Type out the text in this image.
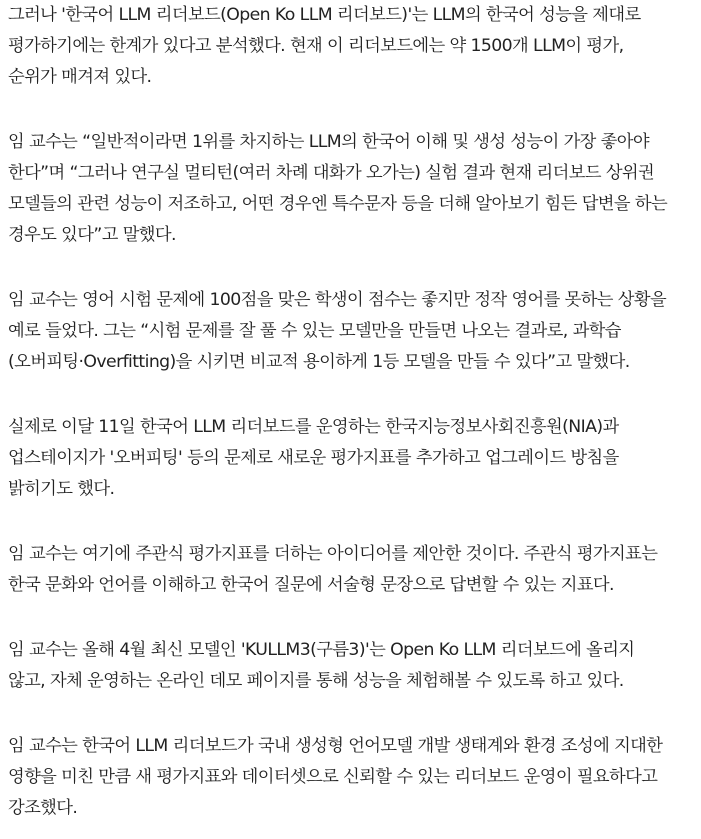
그러나 '한국어 LLM 리더보드(Open Ko LLM 리더보드)'는 LLM의 한국어 성능을 제대로
평가하기에는 한계가 있다고 분석했다. 현재 이 리더보드에는 약 1500개 LLM이 평가,
순위가 매겨져 있다.

임 교수는 “일반적이라면 1위를 차지하는 LLM의 한국어 이해 및 생성 성능이 가장 좋아야
한다”며 “그러나 연구실 멀티턴(여러 차례 대화가 오가는) 실험 결과 현재 리더보드 상위권
모델들의 관련 성능이 저조하고, 어떤 경우엔 특수문자 등을 더해 알아보기 힘든 답변을 하는
경우도 있다”고 말했다.

임 교수는 영어 시험 문제에 100점을 맞은 학생이 점수는 좋지만 정작 영어를 못하는 상황을
예로 들었다. 그는 “시험 문제를 잘 풀 수 있는 모델만을 만들면 나오는 결과로, 과학습
(오버피팅·Overfitting)을 시키면 비교적 용이하게 1등 모델을 만들 수 있다”고 말했다.

실제로 이달 11일 한국어 LLM 리더보드를 운영하는 한국지능정보사회진흥원(NIA)과
업스테이지가 '오버피팅' 등의 문제로 새로운 평가지표를 추가하고 업그레이드 방침을
밝히기도 했다.

임 교수는 여기에 주관식 평가지표를 더하는 아이디어를 제안한 것이다. 주관식 평가지표는
한국 문화와 언어를 이해하고 한국어 질문에 서술형 문장으로 답변할 수 있는 지표다.

임 교수는 올해 4월 최신 모델인 'KULLM3(구름3)'는 Open Ko LLM 리더보드에 올리지
않고, 자체 운영하는 온라인 데모 페이지를 통해 성능을 체험해볼 수 있도록 하고 있다.

임 교수는 한국어 LLM 리더보드가 국내 생성형 언어모델 개발 생태계와 환경 조성에 지대한
영향을 미친 만큼 새 평가지표와 데이터셋으로 신뢰할 수 있는 리더보드 운영이 필요하다고
강조했다.
